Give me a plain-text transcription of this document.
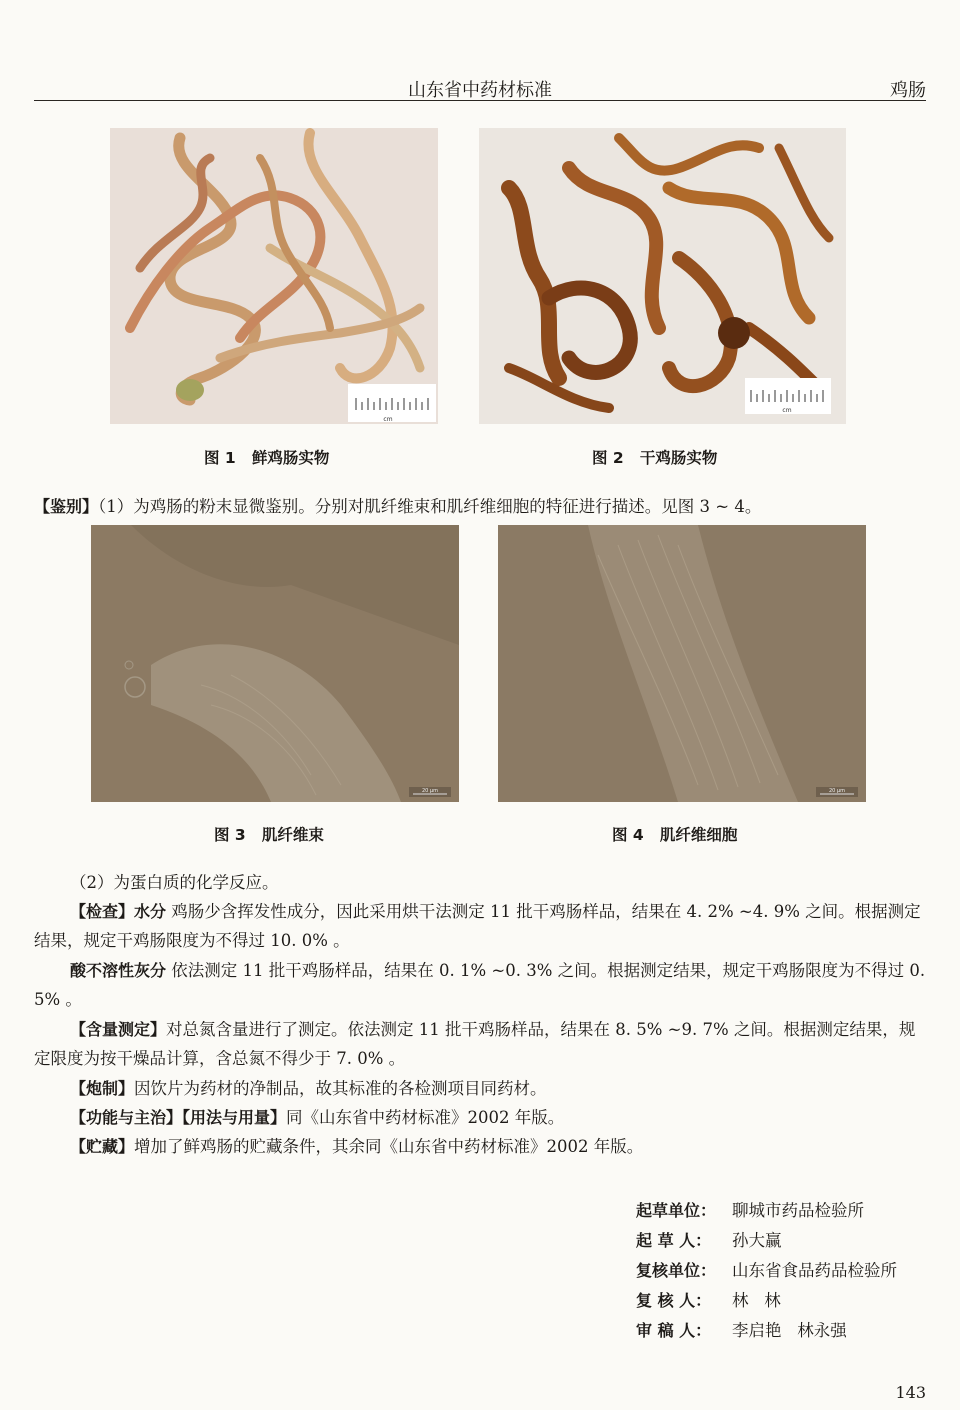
山东省中药材标准	鸡肠
cm
图 1   鲜鸡肠实物
cm
图 2   干鸡肠实物
【鉴别】（1）为鸡肠的粉末显微鉴别。分别对肌纤维束和肌纤维细胞的特征进行描述。见图 3 ~ 4。
20 μm
图 3   肌纤维束
20 μm
图 4   肌纤维细胞
（2）为蛋白质的化学反应。
【检查】水分 鸡肠少含挥发性成分，因此采用烘干法测定 11 批干鸡肠样品，结果在 4. 2% ~4. 9% 之间。根据测定结果，规定干鸡肠限度为不得过 10. 0% 。
酸不溶性灰分 依法测定 11 批干鸡肠样品，结果在 0. 1% ~0. 3% 之间。根据测定结果，规定干鸡肠限度为不得过 0. 5% 。
【含量测定】对总氮含量进行了测定。依法测定 11 批干鸡肠样品，结果在 8. 5% ~9. 7% 之间。根据测定结果，规定限度为按干燥品计算，含总氮不得少于 7. 0% 。
【炮制】因饮片为药材的净制品，故其标准的各检测项目同药材。
【功能与主治】【用法与用量】同《山东省中药材标准》2002 年版。
【贮藏】增加了鲜鸡肠的贮藏条件，其余同《山东省中药材标准》2002 年版。
起草单位： 聊城市药品检验所
起 草 人：	孙大赢
复核单位： 山东省食品药品检验所
复 核 人：	林   林
审 稿 人：	李启艳   林永强
143
